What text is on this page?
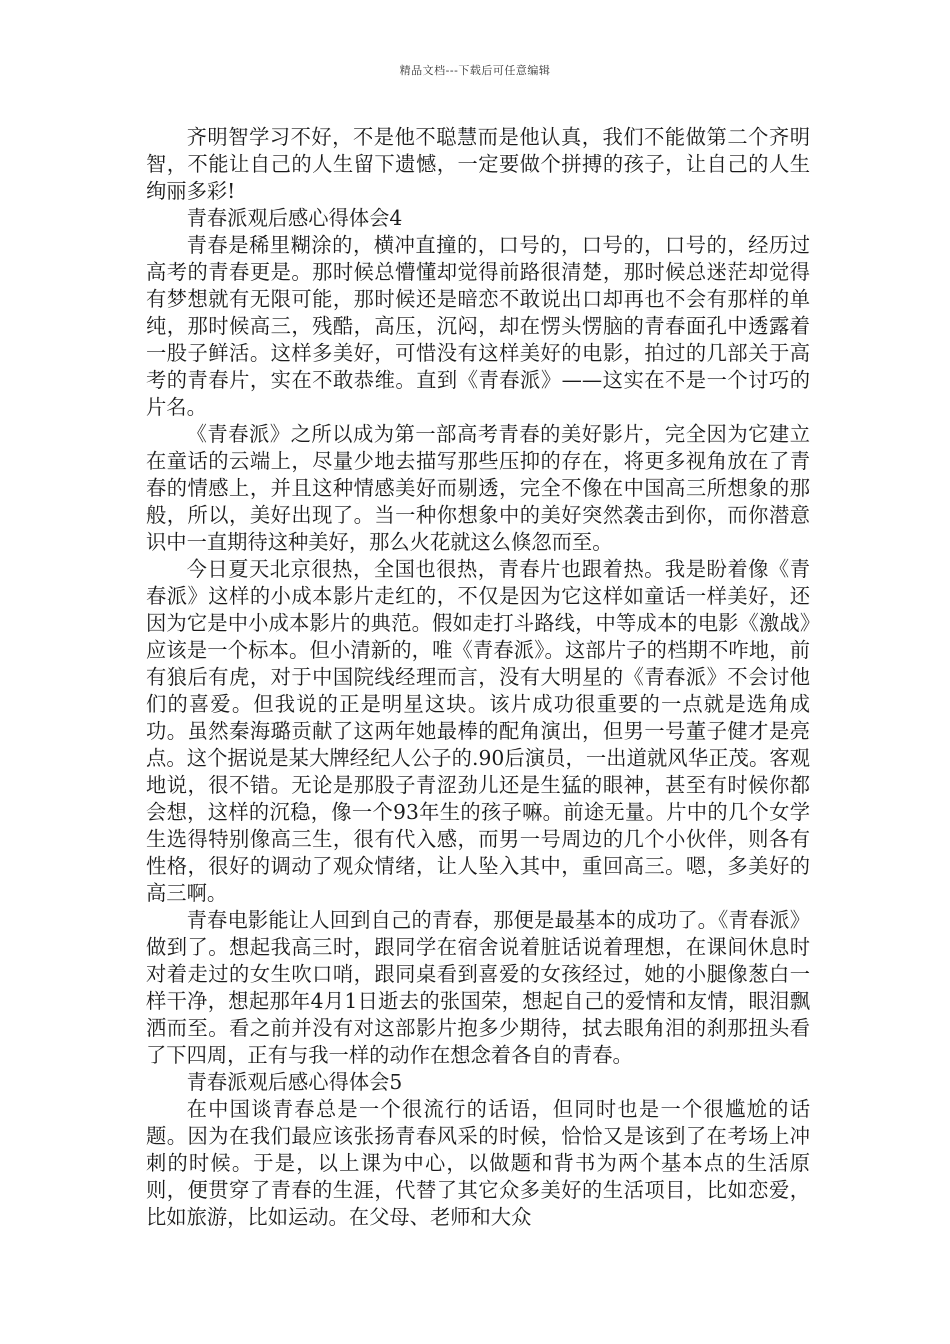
精品文档---下载后可任意编辑

齐明智学习不好，不是他不聪慧而是他认真，我们不能做第二个齐明智，不能让自己的人生留下遗憾，一定要做个拼搏的孩子，让自己的人生绚丽多彩!

青春派观后感心得体会4

青春是稀里糊涂的，横冲直撞的，口号的，口号的，口号的，经历过高考的青春更是。那时候总懵懂却觉得前路很清楚，那时候总迷茫却觉得有梦想就有无限可能，那时候还是暗恋不敢说出口却再也不会有那样的单纯，那时候高三，残酷，高压，沉闷，却在愣头愣脑的青春面孔中透露着一股子鲜活。这样多美好，可惜没有这样美好的电影，拍过的几部关于高考的青春片，实在不敢恭维。直到《青春派》——这实在不是一个讨巧的片名。

《青春派》之所以成为第一部高考青春的美好影片，完全因为它建立在童话的云端上，尽量少地去描写那些压抑的存在，将更多视角放在了青春的情感上，并且这种情感美好而剔透，完全不像在中国高三所想象的那般，所以，美好出现了。当一种你想象中的美好突然袭击到你，而你潜意识中一直期待这种美好，那么火花就这么倏忽而至。

今日夏天北京很热，全国也很热，青春片也跟着热。我是盼着像《青春派》这样的小成本影片走红的，不仅是因为它这样如童话一样美好，还因为它是中小成本影片的典范。假如走打斗路线，中等成本的电影《激战》应该是一个标本。但小清新的，唯《青春派》。这部片子的档期不咋地，前有狼后有虎，对于中国院线经理而言，没有大明星的《青春派》不会讨他们的喜爱。但我说的正是明星这块。该片成功很重要的一点就是选角成功。虽然秦海璐贡献了这两年她最棒的配角演出，但男一号董子健才是亮点。这个据说是某大牌经纪人公子的.90后演员，一出道就风华正茂。客观地说，很不错。无论是那股子青涩劲儿还是生猛的眼神，甚至有时候你都会想，这样的沉稳，像一个93年生的孩子嘛。前途无量。片中的几个女学生选得特别像高三生，很有代入感，而男一号周边的几个小伙伴，则各有性格，很好的调动了观众情绪，让人坠入其中，重回高三。嗯，多美好的高三啊。

青春电影能让人回到自己的青春，那便是最基本的成功了。《青春派》做到了。想起我高三时，跟同学在宿舍说着脏话说着理想，在课间休息时对着走过的女生吹口哨，跟同桌看到喜爱的女孩经过，她的小腿像葱白一样干净，想起那年4月1日逝去的张国荣，想起自己的爱情和友情，眼泪飘洒而至。看之前并没有对这部影片抱多少期待，拭去眼角泪的刹那扭头看了下四周，正有与我一样的动作在想念着各自的青春。

青春派观后感心得体会5

在中国谈青春总是一个很流行的话语，但同时也是一个很尴尬的话题。因为在我们最应该张扬青春风采的时候，恰恰又是该到了在考场上冲刺的时候。于是，以上课为中心，以做题和背书为两个基本点的生活原则，便贯穿了青春的生涯，代替了其它众多美好的生活项目，比如恋爱，比如旅游，比如运动。在父母、老师和大众
